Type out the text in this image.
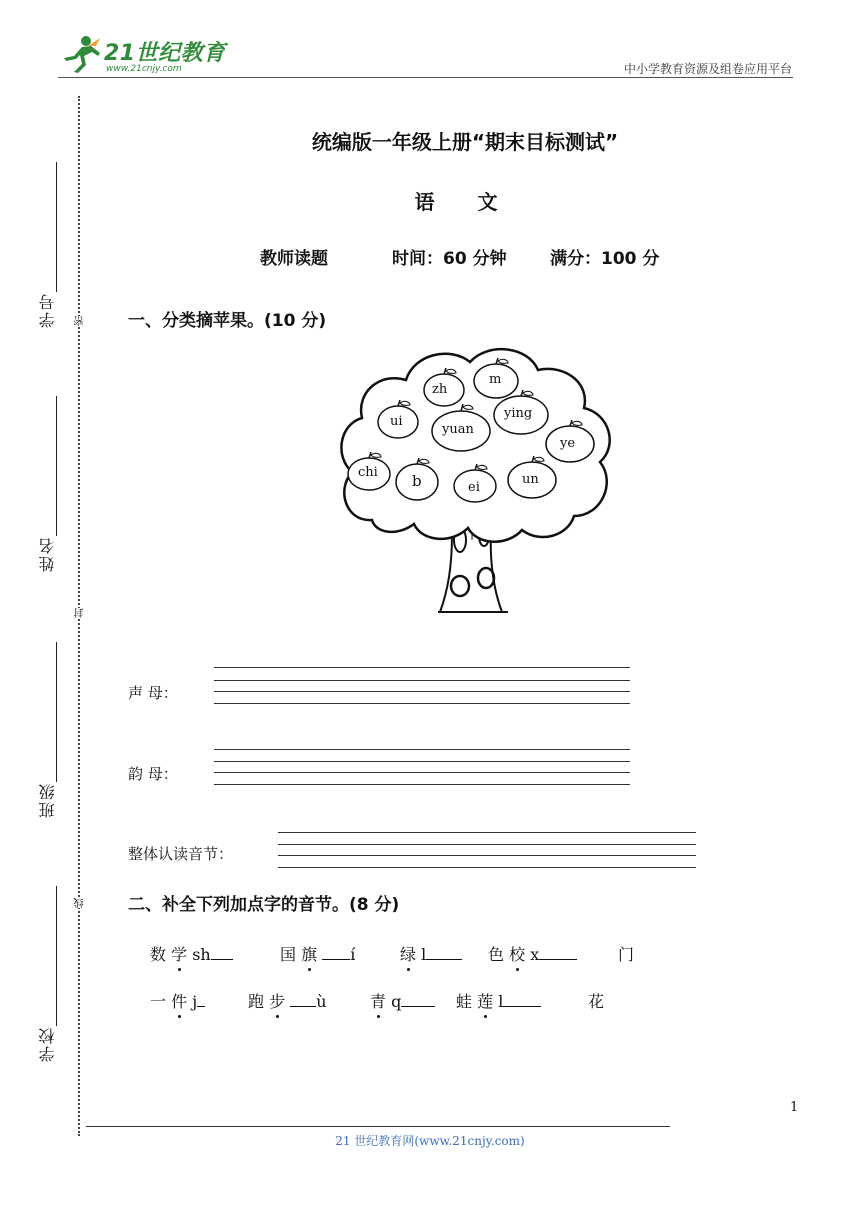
21世纪教育
www.21cnjy.com	中小学教育资源及组卷应用平台
学号
姓名
班级
学校
密
封
线
统编版一年级上册“期末目标测试”
语 文
教师读题	时间：60 分钟	满分：100 分
一、分类摘苹果。(10 分)
zh
m
ui
yuan
ying
ye
chi b	ei
un
声 母：
韵 母：
整体认读音节：
二、补全下列加点字的音节。(8 分)
数 学 sh	国 旗 í	绿 l	色 校 x	门
一 件 j	跑 步 ù	青 q	蛙 莲 l	花
1
21 世纪教育网(www.21cnjy.com)
